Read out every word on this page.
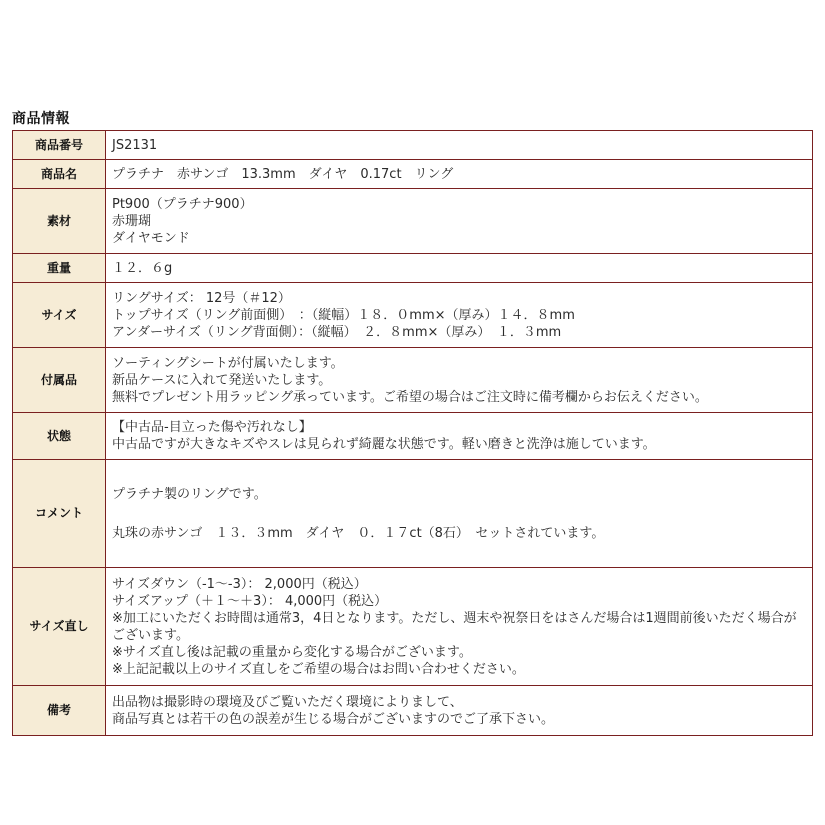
商品情報
商品番号	JS2131

商品名	プラチナ　赤サンゴ　13.3mm　ダイヤ　0.17ct　リング

素材	Pt900（プラチナ900）
赤珊瑚
ダイヤモンド

重量	１２．６g

サイズ	リングサイズ： 12号（＃12）
トップサイズ（リング前面側）　：（縦幅）１８．０mm×（厚み）１４．８mm
アンダーサイズ（リング背面側）：（縦幅）　２．８mm×（厚み）　１．３mm

付属品	ソーティングシートが付属いたします。
新品ケースに入れて発送いたします。
無料でプレゼント用ラッピング承っています。ご希望の場合はご注文時に備考欄からお伝えください。

状態	【中古品-目立った傷や汚れなし】
中古品ですが大きなキズやスレは見られず綺麗な状態です。軽い磨きと洗浄は施しています。

コメント	プラチナ製のリングです。
丸珠の赤サンゴ　１３．３mm　ダイヤ　０．１７ct（8石）　セットされています。

サイズ直し	サイズダウン（-1～-3）： 2,000円（税込）
サイズアップ（＋１～＋3）： 4,000円（税込）
※加工にいただくお時間は通常3，4日となります。ただし、週末や祝祭日をはさんだ場合は1週間前後いただく場合がございます。
※サイズ直し後は記載の重量から変化する場合がございます。
※上記記載以上のサイズ直しをご希望の場合はお問い合わせください。

備考	出品物は撮影時の環境及びご覧いただく環境によりまして、
商品写真とは若干の色の誤差が生じる場合がございますのでご了承下さい。
